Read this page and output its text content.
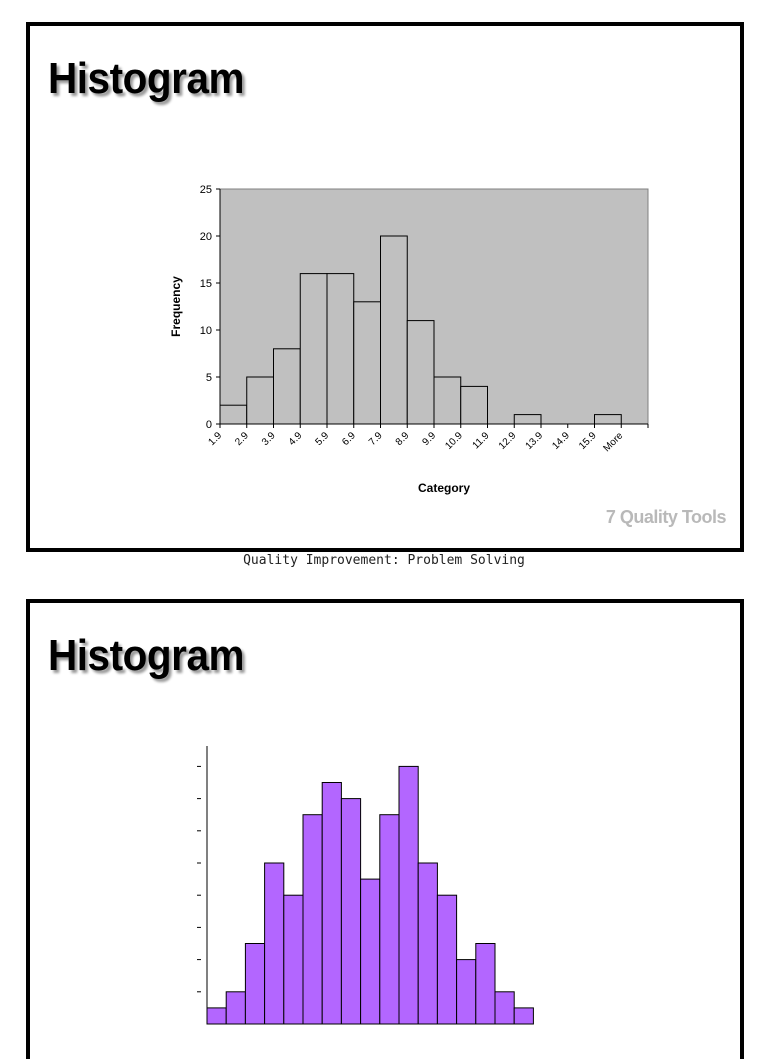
Histogram
0
5
10
15
20
25
1.9 2.9 3.9 4.9 5.9 6.9 7.9 8.9 9.9 10.9 11.9 12.9 13.9 14.9 15.9 More
Category
Frequency
7 Quality Tools
Quality Improvement: Problem Solving
Histogram
